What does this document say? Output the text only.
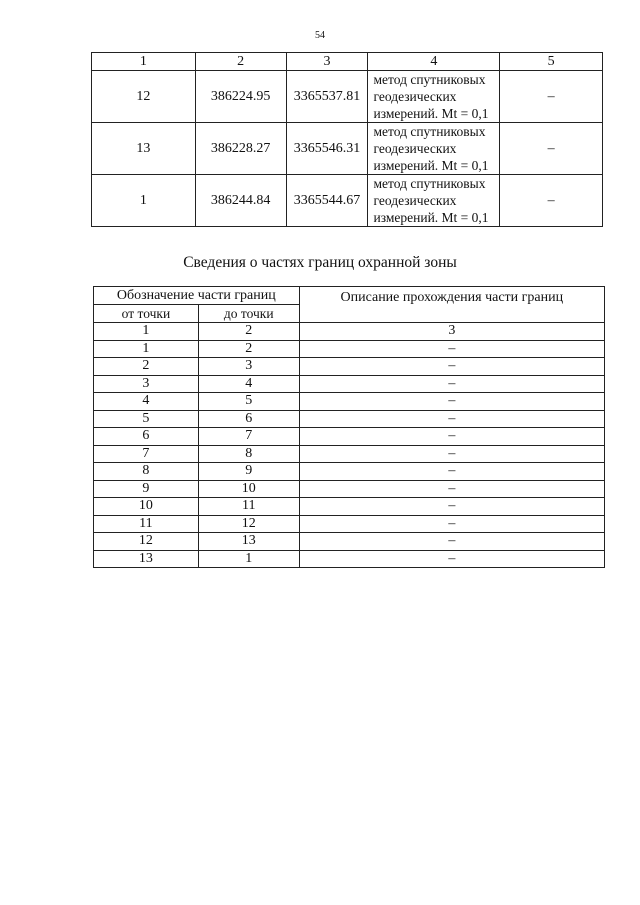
54
1	2	3	4	5
12	386224.95	3365537.81	метод спутниковых
геодезических
измерений. Mt = 0,1	–
13	386228.27	3365546.31	метод спутниковых
геодезических
измерений. Mt = 0,1	–
1	386244.84	3365544.67	метод спутниковых
геодезических
измерений. Mt = 0,1	–
Сведения о частях границ охранной зоны
Обозначение части границ		Описание прохождения части границ
от точки	до точки	
1	2	3
1	2	–
2	3	–
3	4	–
4	5	–
5	6	–
6	7	–
7	8	–
8	9	–
9	10	–
10	11	–
11	12	–
12	13	–
13	1	–
